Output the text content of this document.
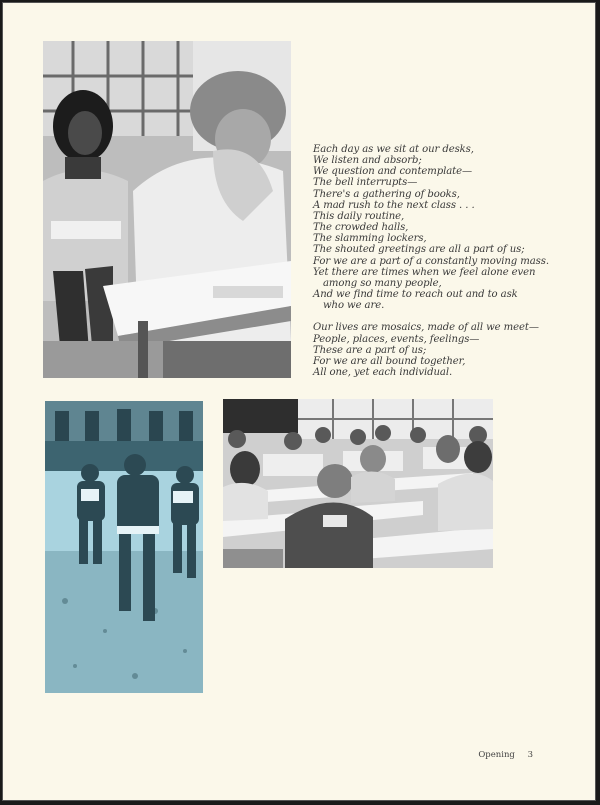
Each day as we sit at our desks,
We listen and absorb;
We question and contemplate—
The bell interrupts—
There's a gathering of books,
A mad rush to the next class . . .
This daily routine,
The crowded halls,
The slamming lockers,
The shouted greetings are all a part of us;
For we are a part of a constantly moving mass.
Yet there are times when we feel alone even
among so many people,
And we find time to reach out and to ask
who we are.
Our lives are mosaics, made of all we meet—
People, places, events, feelings—
These are a part of us;
For we are all bound together,
All one, yet each individual.
Opening 3
